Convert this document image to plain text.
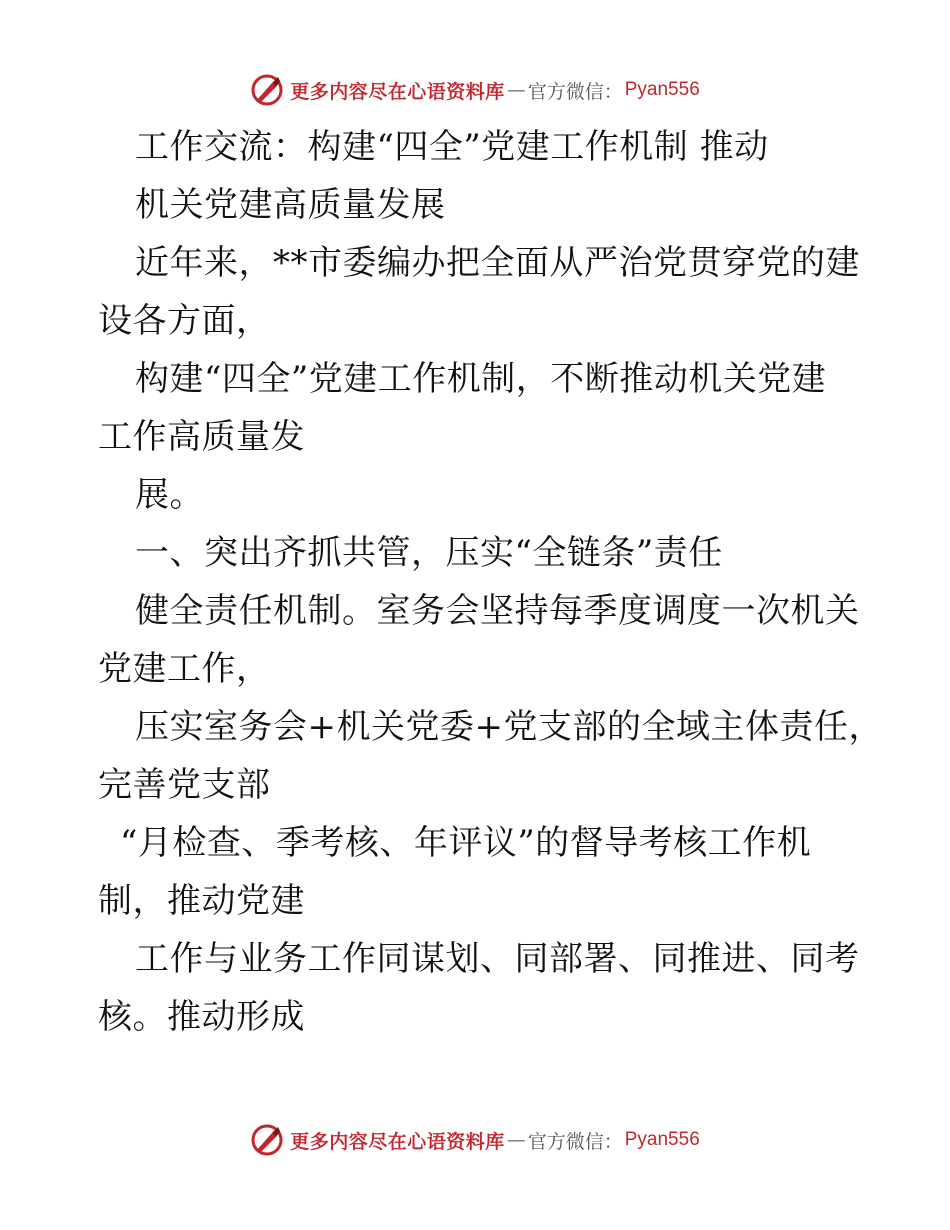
更多内容尽在心语资料库 — 官方微信： Pyan556
工作交流：构建“四全”党建工作机制 推动
机关党建高质量发展
近年来，**市委编办把全面从严治党贯穿党的建
设各方面，
构建“四全”党建工作机制，不断推动机关党建
工作高质量发
展。
一、突出齐抓共管，压实“全链条”责任
健全责任机制。室务会坚持每季度调度一次机关
党建工作，
压实室务会+机关党委+党支部的全域主体责任，
完善党支部
“月检查、季考核、年评议”的督导考核工作机
制，推动党建
工作与业务工作同谋划、同部署、同推进、同考
核。推动形成
更多内容尽在心语资料库 — 官方微信： Pyan556
